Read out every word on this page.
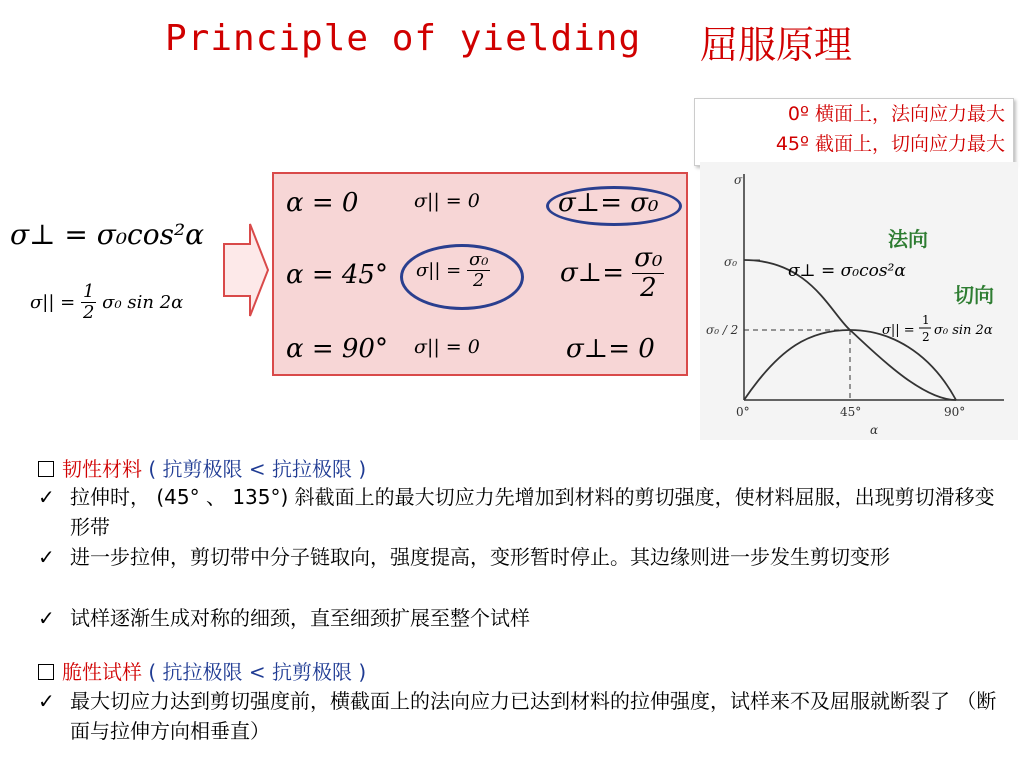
Principle of yielding 屈服原理
0º 横面上，法向应力最大
45º 截面上，切向应力最大
σ⊥ = σ₀cos²α
$\sigma|| = \frac{1}{2} \sigma_0$ sin 2α
α = 0	σ|| = 0	σ⊥= σ₀
α = 45° $\sigma|| = \frac{\text{σ₀}}{2}$	σ⊥= $\frac{\text{σ₀}}{2}$
α = 90° σ|| = 0	σ⊥= 0
σ
σ₀
σ₀ / 2
0°	45°	90°
α
法向
切向
σ⊥ = σ₀cos²α
σ|| =
1
2 σ₀ sin 2α
韧性材料 ( 抗剪极限 < 抗拉极限 )
✓ 拉伸时， (45° 、 135°) 斜截面上的最大切应力先增加到材料的剪切强度，使材料屈服，出现剪切滑移变形带
✓ 进一步拉伸，剪切带中分子链取向，强度提高，变形暂时停止。其边缘则进一步发生剪切变形
✓ 试样逐渐生成对称的细颈，直至细颈扩展至整个试样
脆性试样 ( 抗拉极限 < 抗剪极限 )
✓ 最大切应力达到剪切强度前，横截面上的法向应力已达到材料的拉伸强度，试样来不及屈服就断裂了 （断面与拉伸方向相垂直）
